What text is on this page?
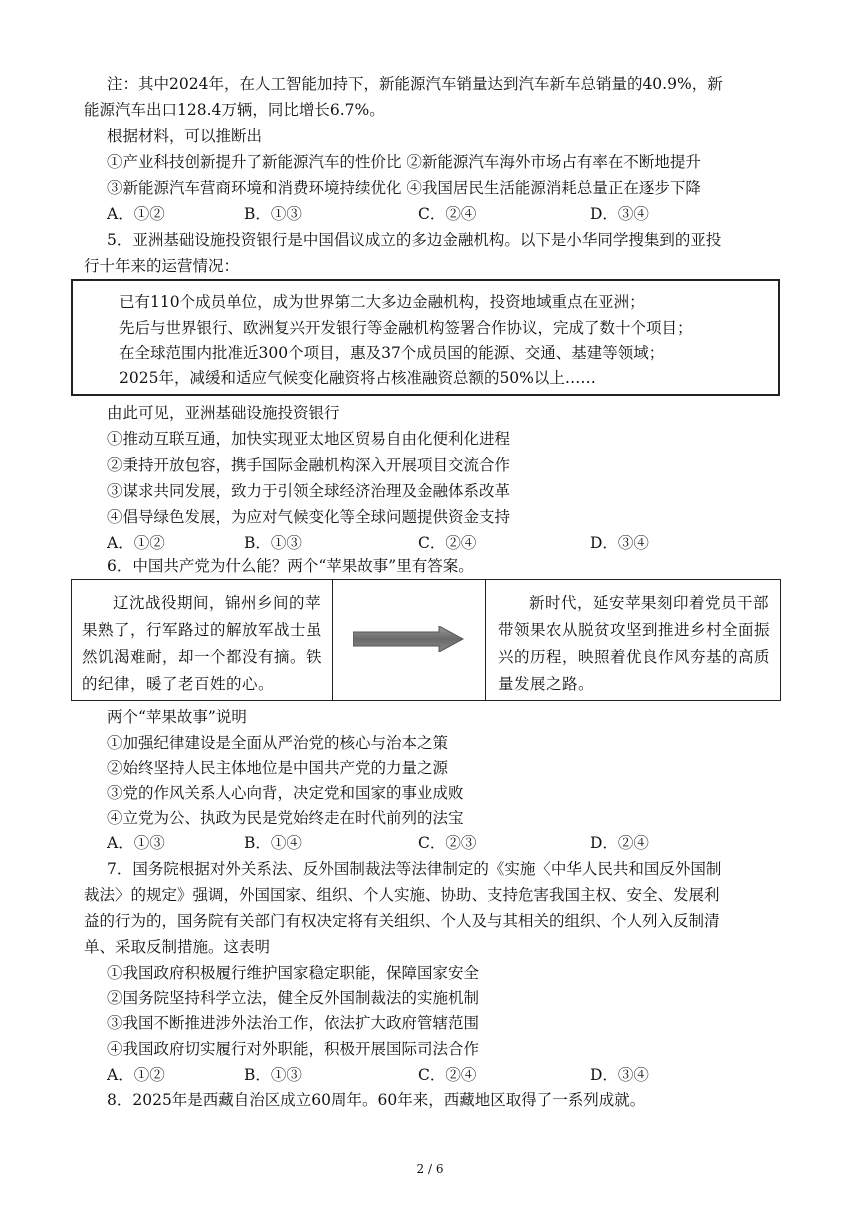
注：其中2024年，在人工智能加持下，新能源汽车销量达到汽车新车总销量的40.9%，新
能源汽车出口128.4万辆，同比增长6.7%。
根据材料，可以推断出
①产业科技创新提升了新能源汽车的性价比 ②新能源汽车海外市场占有率在不断地提升
③新能源汽车营商环境和消费环境持续优化 ④我国居民生活能源消耗总量正在逐步下降
A．①②	B．①③	C．②④	D．③④
5．亚洲基础设施投资银行是中国倡议成立的多边金融机构。以下是小华同学搜集到的亚投
行十年来的运营情况：
已有110个成员单位，成为世界第二大多边金融机构，投资地域重点在亚洲；
先后与世界银行、欧洲复兴开发银行等金融机构签署合作协议，完成了数十个项目；
在全球范围内批准近300个项目，惠及37个成员国的能源、交通、基建等领域；
2025年，减缓和适应气候变化融资将占核准融资总额的50%以上……
由此可见，亚洲基础设施投资银行
①推动互联互通，加快实现亚太地区贸易自由化便利化进程
②秉持开放包容，携手国际金融机构深入开展项目交流合作
③谋求共同发展，致力于引领全球经济治理及金融体系改革
④倡导绿色发展，为应对气候变化等全球问题提供资金支持
A．①②	B．①③	C．②④	D．③④
6．中国共产党为什么能？两个“苹果故事”里有答案。

辽沈战役期间，锦州乡间的苹果熟了，行军路过的解放军战士虽然饥渴难耐，却一个都没有摘。铁的纪律，暖了老百姓的心。

新时代，延安苹果刻印着党员干部带领果农从脱贫攻坚到推进乡村全面振兴的历程，映照着优良作风夯基的高质量发展之路。

两个“苹果故事”说明
①加强纪律建设是全面从严治党的核心与治本之策
②始终坚持人民主体地位是中国共产党的力量之源
③党的作风关系人心向背，决定党和国家的事业成败
④立党为公、执政为民是党始终走在时代前列的法宝
A．①③	B．①④	C．②③	D．②④
7．国务院根据对外关系法、反外国制裁法等法律制定的《实施〈中华人民共和国反外国制
裁法〉的规定》强调，外国国家、组织、个人实施、协助、支持危害我国主权、安全、发展利
益的行为的，国务院有关部门有权决定将有关组织、个人及与其相关的组织、个人列入反制清
单、采取反制措施。这表明
①我国政府积极履行维护国家稳定职能，保障国家安全
②国务院坚持科学立法，健全反外国制裁法的实施机制
③我国不断推进涉外法治工作，依法扩大政府管辖范围
④我国政府切实履行对外职能，积极开展国际司法合作
A．①②	B．①③	C．②④	D．③④
8．2025年是西藏自治区成立60周年。60年来，西藏地区取得了一系列成就。
2 / 6
